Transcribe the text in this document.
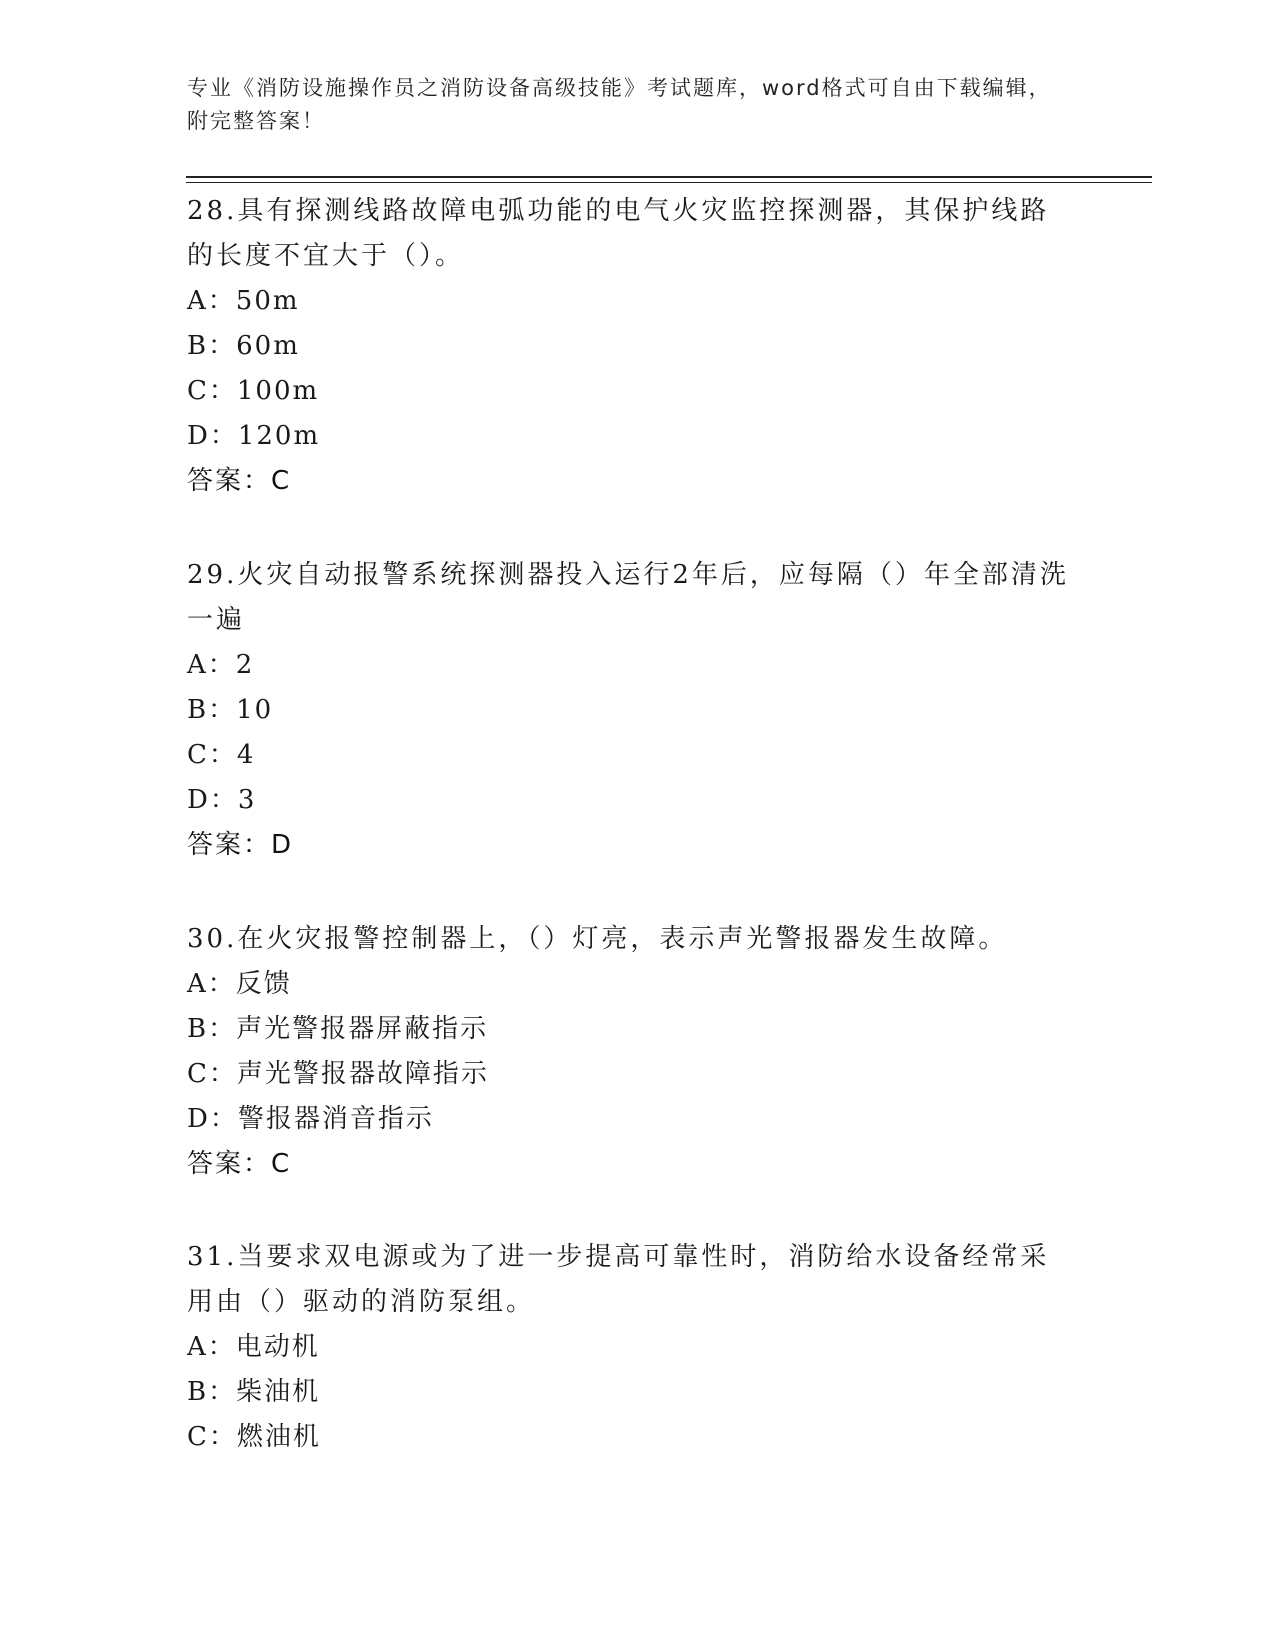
专业《消防设施操作员之消防设备高级技能》考试题库，word格式可自由下载编辑，附完整答案！

28.具有探测线路故障电弧功能的电气火灾监控探测器，其保护线路的长度不宜大于（）。

A：50m

B：60m

C：100m

D：120m

答案：C

29.火灾自动报警系统探测器投入运行2年后，应每隔（）年全部清洗一遍

A：2

B：10

C：4

D：3

答案：D

30.在火灾报警控制器上，（）灯亮，表示声光警报器发生故障。

A：反馈

B：声光警报器屏蔽指示

C：声光警报器故障指示

D：警报器消音指示

答案：C

31.当要求双电源或为了进一步提高可靠性时，消防给水设备经常采用由（）驱动的消防泵组。

A：电动机

B：柴油机

C：燃油机
